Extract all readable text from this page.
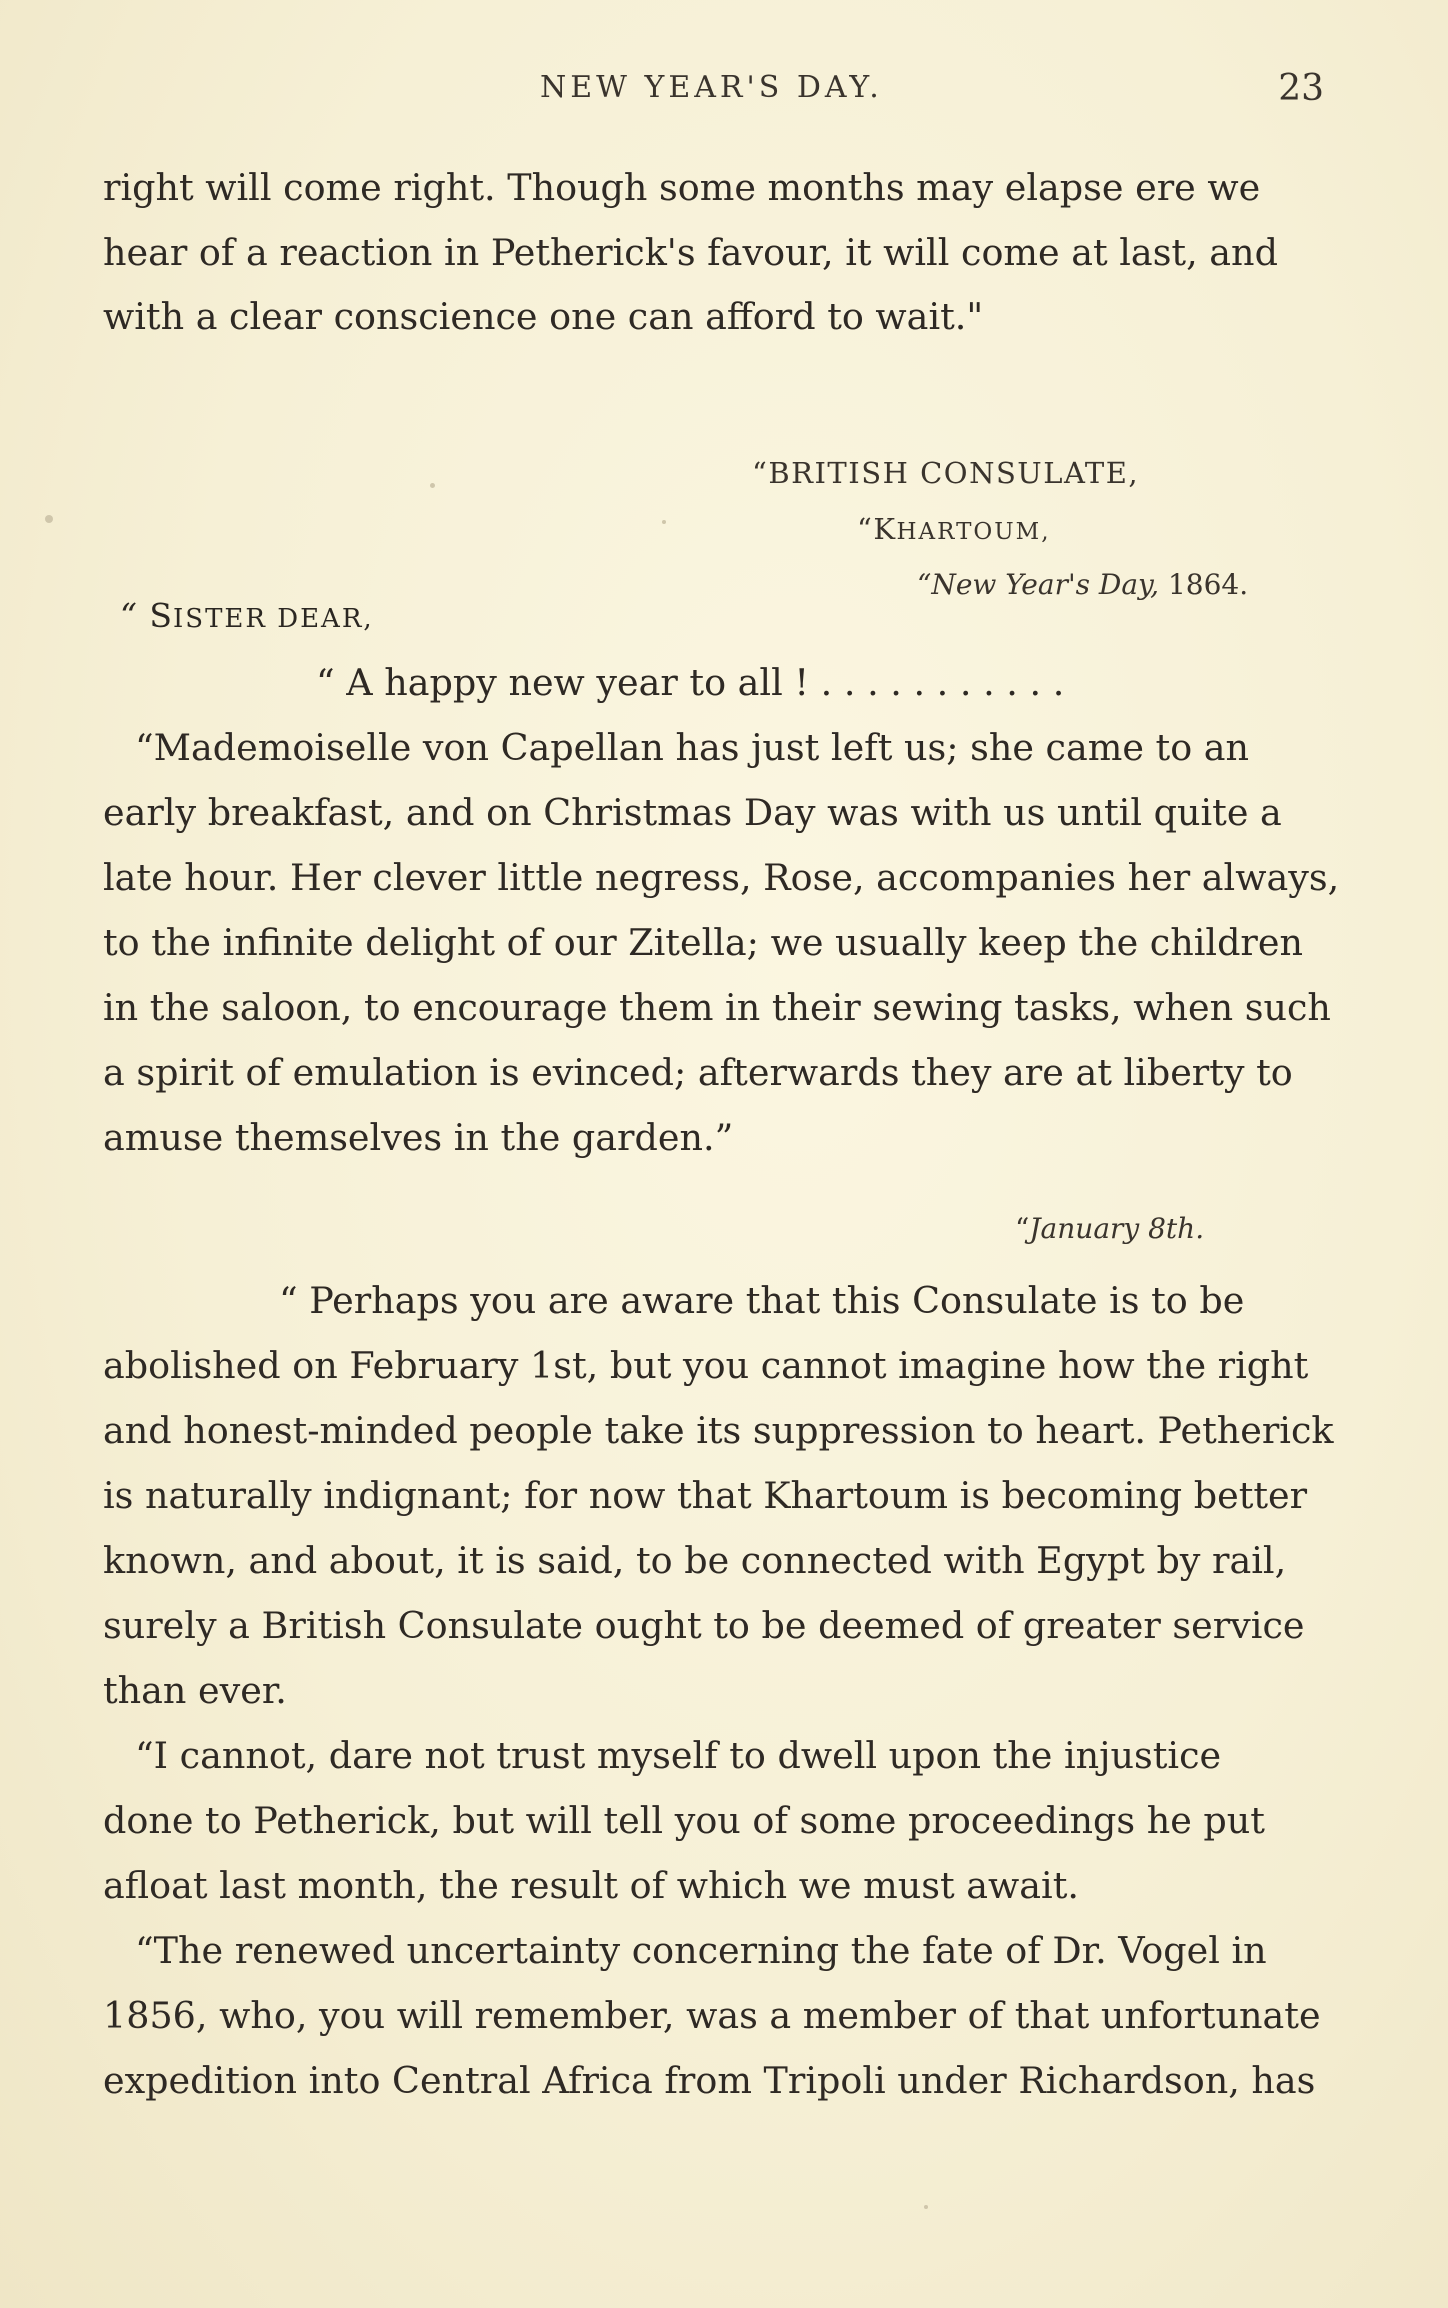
NEW YEAR'S DAY.	23
right will come right. Though some months may elapse ere we
hear of a reaction in Petherick's favour, it will come at last, and
with a clear conscience one can afford to wait."
“BRITISH CONSULATE,
“KHARTOUM,
“New Year's Day, 1864.
“ SISTER DEAR,
“ A happy new year to all ! . . . . . . . . . . .
“Mademoiselle von Capellan has just left us; she came to an
early breakfast, and on Christmas Day was with us until quite a
late hour. Her clever little negress, Rose, accompanies her always,
to the infinite delight of our Zitella; we usually keep the children
in the saloon, to encourage them in their sewing tasks, when such
a spirit of emulation is evinced; afterwards they are at liberty to
amuse themselves in the garden.”
“January 8th.
“ Perhaps you are aware that this Consulate is to be
abolished on February 1st, but you cannot imagine how the right
and honest-minded people take its suppression to heart. Petherick
is naturally indignant; for now that Khartoum is becoming better
known, and about, it is said, to be connected with Egypt by rail,
surely a British Consulate ought to be deemed of greater service
than ever.
“I cannot, dare not trust myself to dwell upon the injustice
done to Petherick, but will tell you of some proceedings he put
afloat last month, the result of which we must await.
“The renewed uncertainty concerning the fate of Dr. Vogel in
1856, who, you will remember, was a member of that unfortunate
expedition into Central Africa from Tripoli under Richardson, has
